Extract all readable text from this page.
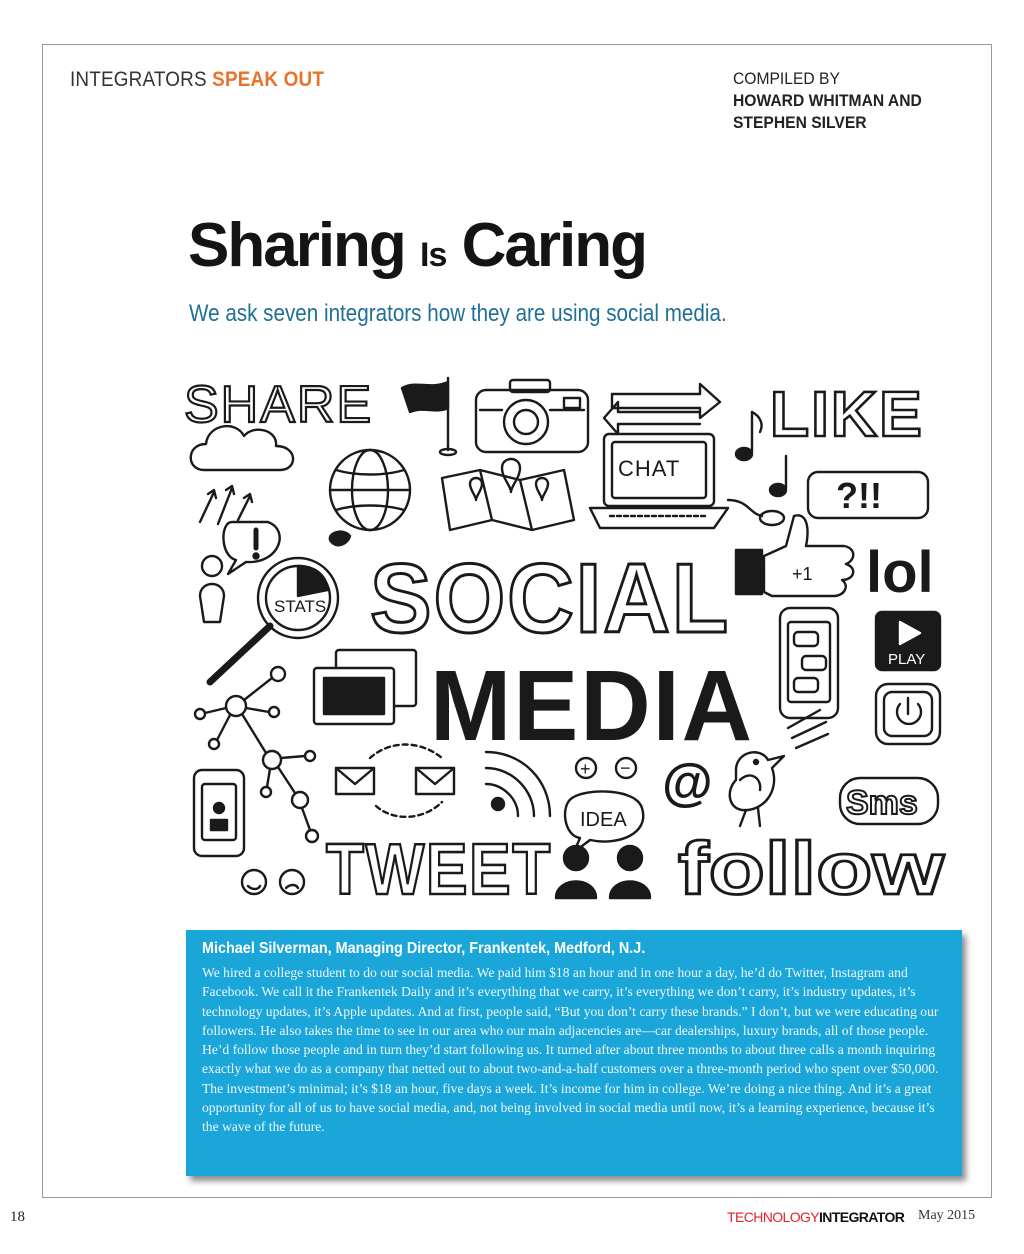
INTEGRATORS SPEAK OUT	COMPILED BY
HOWARD WHITMAN AND
STEPHEN SILVER
Sharing Is Caring
We ask seven integrators how they are using social media.
SHARE	LIKE
CHAT
?!!
SOCIAL
MEDIA
STATS
+1 lol
PLAY
@	Sms
IDEA
TWEET follow
+ −

Michael Silverman, Managing Director, Frankentek, Medford, N.J.

We hired a college student to do our social media. We paid him $18 an hour and in one hour a day, he’d do Twitter, Instagram and Facebook. We call it the Frankentek Daily and it’s everything that we carry, it’s everything we don’t carry, it’s industry updates, it’s technology updates, it’s Apple updates. And at first, people said, “But you don’t carry these brands.” I don’t, but we were educating our followers. He also takes the time to see in our area who our main adjacencies are—car dealerships, luxury brands, all of those people. He’d follow those people and in turn they’d start following us. It turned after about three months to about three calls a month inquiring exactly what we do as a company that netted out to about two-and-a-half customers over a three-month period who spent over $50,000. The investment’s minimal; it’s $18 an hour, five days a week. It’s income for him in college. We’re doing a nice thing. And it’s a great opportunity for all of us to have social media, and, not being involved in social media until now, it’s a learning experience, because it’s the wave of the future.

18	TECHNOLOGYINTEGRATOR May 2015
